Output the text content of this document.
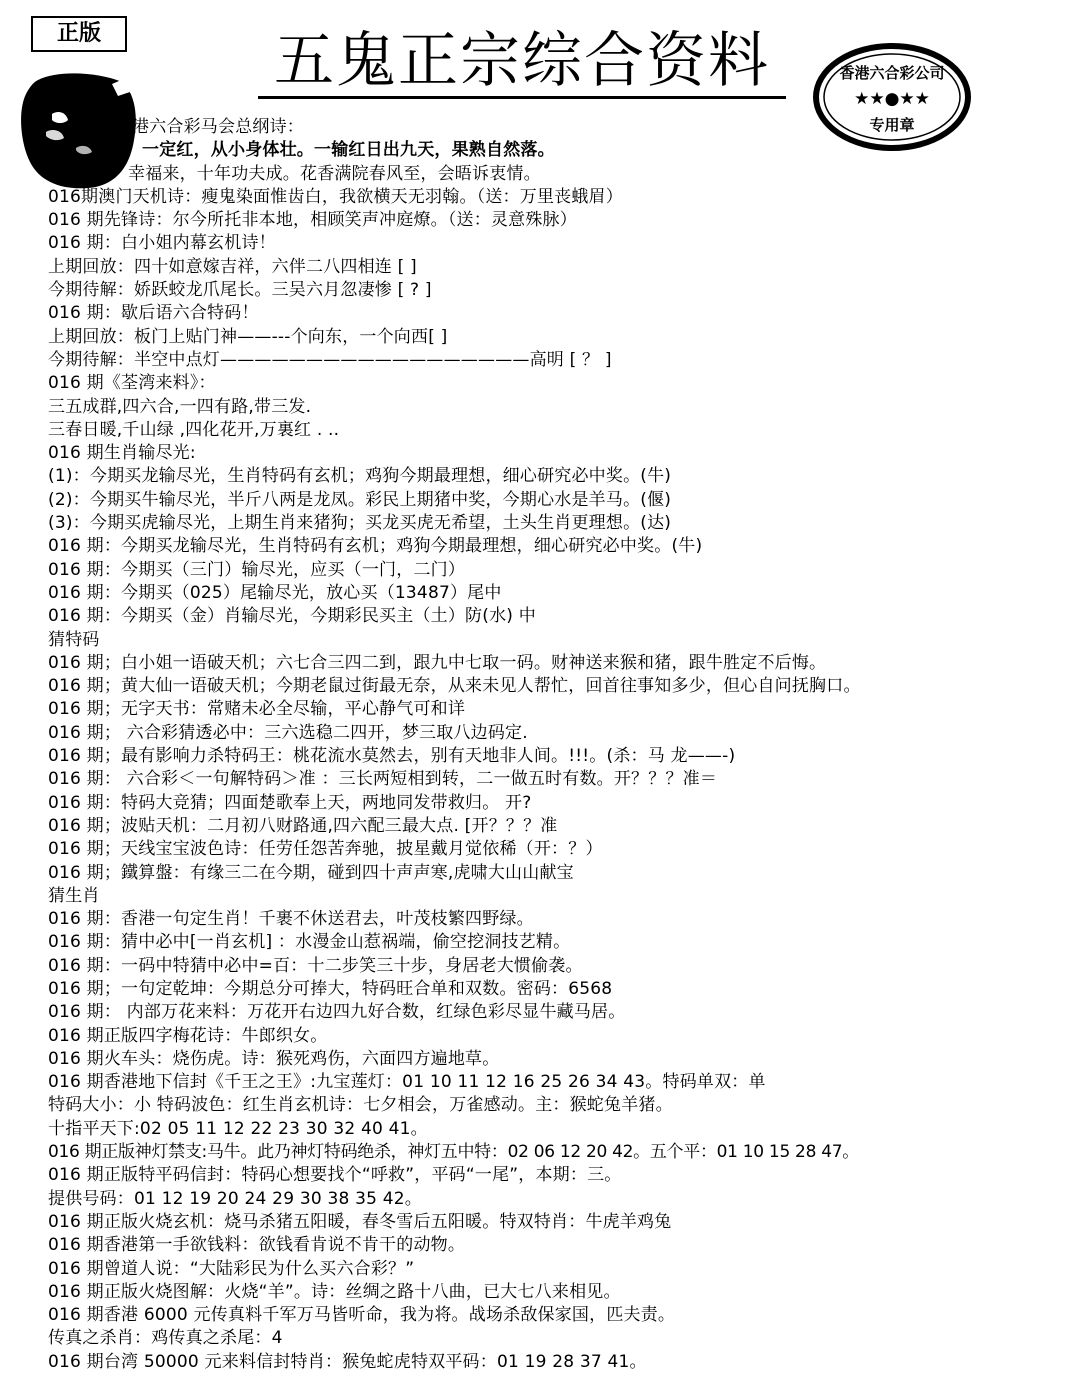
正版	五鬼正宗综合资料	香港六合彩公司
★★●★★
专用章
港六合彩马会总纲诗：
一定红，从小身体壮。一输红日出九天，果熟自然落。
幸福来，十年功夫成。花香满院春风至，会晤诉衷情。
016期澳门天机诗：瘦鬼染面惟齿白，我欲横天无羽翰。（送：万里丧蛾眉）
016 期先锋诗：尔今所托非本地，相顾笑声冲庭燎。（送：灵意殊脉）
016 期：白小姐内幕玄机诗！
上期回放：四十如意嫁吉祥，六伴二八四相连 [ ]
今期待解：娇跃蛟龙爪尾长。三吴六月忽凄惨 [ ? ]
016 期：歇后语六合特码！
上期回放：板门上贴门神——---个向东，一个向西[ ]
今期待解：半空中点灯——————————————————高明 [ ？ ]
016 期《荃湾来料》：
三五成群,四六合,一四有路,带三发.
三春日暖,千山绿 ,四化花开,万裏红 . ..
016 期生肖输尽光:
(1)：今期买龙输尽光，生肖特码有玄机；鸡狗今期最理想，细心研究必中奖。(牛)
(2)：今期买牛输尽光，半斤八两是龙凤。彩民上期猪中奖，今期心水是羊马。(偃)
(3)：今期买虎输尽光，上期生肖来猪狗；买龙买虎无希望，土头生肖更理想。(达)
016 期：今期买龙输尽光，生肖特码有玄机；鸡狗今期最理想，细心研究必中奖。(牛)
016 期：今期买（三门）输尽光，应买（一门，二门）
016 期：今期买（025）尾输尽光，放心买（13487）尾中
016 期：今期买（金）肖输尽光，今期彩民买主（土）防(水) 中
猜特码
016 期；白小姐一语破天机；六七合三四二到，跟九中七取一码。财神送来猴和猪，跟牛胜定不后悔。
016 期；黄大仙一语破天机；今期老鼠过街最无奈，从来未见人帮忙，回首往事知多少，但心自问抚胸口。
016 期；无字天书：常赌未必全尽输，平心静气可和详
016 期； 六合彩猜透必中：三六选稳二四开，梦三取八边码定.
016 期；最有影响力杀特码王：桃花流水莫然去，别有天地非人间。!!!。(杀：马 龙——-)
016 期： 六合彩＜一句解特码＞准 ：三长两短相到转，二一做五时有数。开？？？准＝
016 期：特码大竞猜；四面楚歌奉上天，两地同发带救归。 开?
016 期；波贴天机：二月初八财路通,四六配三最大点. [开？？？准
016 期；天线宝宝波色诗：任劳任怨苦奔驰，披星戴月觉依稀（开：？）
016 期；鐵算盤：有缘三二在今期，碰到四十声声寒,虎啸大山山献宝
猜生肖
016 期：香港一句定生肖！千裹不休送君去，叶茂枝繁四野绿。
016 期：猜中必中[一肖玄机] ：水漫金山惹祸端，偷空挖洞技艺精。
016 期：一码中特猜中必中=百：十二步笑三十步，身居老大惯偷袭。
016 期；一句定乾坤：今期总分可捧大，特码旺合单和双数。密码：6568
016 期： 内部万花来料：万花开右边四九好合数，红绿色彩尽显牛藏马居。
016 期正版四字梅花诗：牛郎织女。
016 期火车头：烧伤虎。诗：猴死鸡伤，六面四方遍地草。
016 期香港地下信封《千王之王》:九宝莲灯：01 10 11 12 16 25 26 34 43。特码单双：单
特码大小：小 特码波色：红生肖玄机诗：七夕相会，万雀感动。主：猴蛇兔羊猪。
十指平天下:02 05 11 12 22 23 30 32 40 41。
016 期正版神灯禁支:马牛。此乃神灯特码绝杀，神灯五中特：02 06 12 20 42。五个平：01 10 15 28 47。
016 期正版特平码信封：特码心想要找个“呼救”，平码“一尾”，本期：三。
提供号码：01 12 19 20 24 29 30 38 35 42。
016 期正版火烧玄机：烧马杀猪五阳暖，春冬雪后五阳暖。特双特肖：牛虎羊鸡兔
016 期香港第一手欲钱料：欲钱看肯说不肯干的动物。
016 期曾道人说：“大陆彩民为什么买六合彩？”
016 期正版火烧图解：火烧“羊”。诗：丝绸之路十八曲，已大七八来相见。
016 期香港 6000 元传真料千军万马皆听命，我为将。战场杀敌保家国，匹夫责。
传真之杀肖：鸡传真之杀尾：4
016 期台湾 50000 元来料信封特肖：猴兔蛇虎特双平码：01 19 28 37 41。
